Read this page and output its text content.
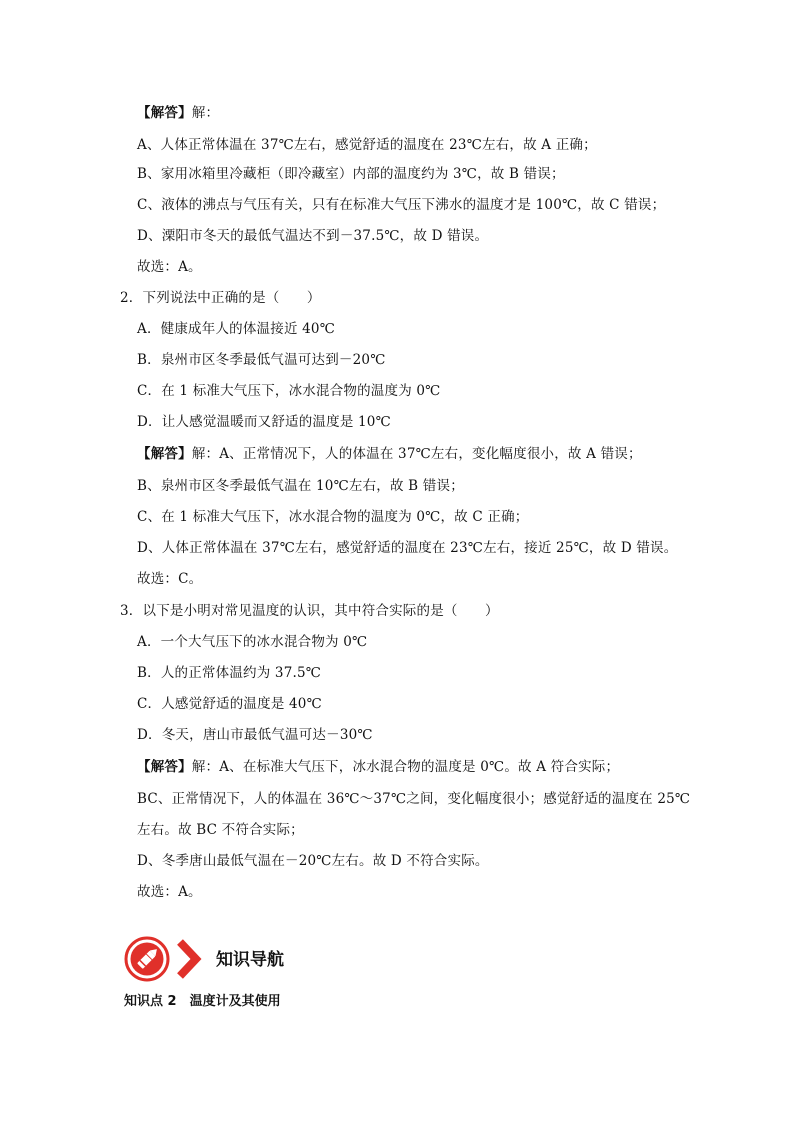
【解答】解：
A、人体正常体温在 37℃左右，感觉舒适的温度在 23℃左右，故 A 正确；
B、家用冰箱里冷藏柜（即冷藏室）内部的温度约为 3℃，故 B 错误；
C、液体的沸点与气压有关，只有在标准大气压下沸水的温度才是 100℃，故 C 错误；
D、溧阳市冬天的最低气温达不到－37.5℃，故 D 错误。
故选：A。
2．下列说法中正确的是（　　）
A．健康成年人的体温接近 40℃
B．泉州市区冬季最低气温可达到－20℃
C．在 1 标准大气压下，冰水混合物的温度为 0℃
D．让人感觉温暖而又舒适的温度是 10℃
【解答】解：A、正常情况下，人的体温在 37℃左右，变化幅度很小，故 A 错误；
B、泉州市区冬季最低气温在 10℃左右，故 B 错误；
C、在 1 标准大气压下，冰水混合物的温度为 0℃，故 C 正确；
D、人体正常体温在 37℃左右，感觉舒适的温度在 23℃左右，接近 25℃，故 D 错误。
故选：C。
3．以下是小明对常见温度的认识，其中符合实际的是（　　）
A．一个大气压下的冰水混合物为 0℃
B．人的正常体温约为 37.5℃
C．人感觉舒适的温度是 40℃
D．冬天，唐山市最低气温可达－30℃
【解答】解：A、在标准大气压下，冰水混合物的温度是 0℃。故 A 符合实际；
BC、正常情况下，人的体温在 36℃～37℃之间，变化幅度很小；感觉舒适的温度在 25℃
左右。故 BC 不符合实际；
D、冬季唐山最低气温在－20℃左右。故 D 不符合实际。
故选：A。
知识导航
知识点 2　温度计及其使用
